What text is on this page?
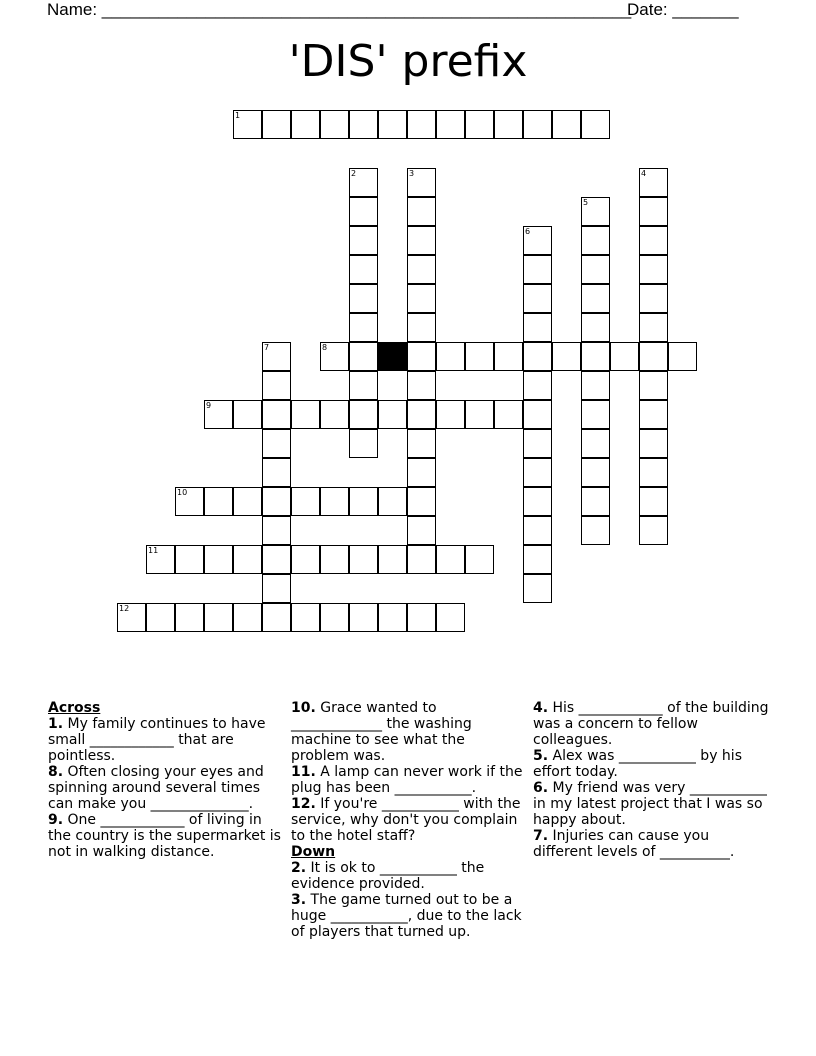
Name: ________________________________________________________
Date: _______
'DIS' prefix
1
2	3	4
5
6
7	8
9
10
11
12
Across
1. My family continues to have small ____________ that are pointless.
8. Often closing your eyes and spinning around several times can make you ______________.
9. One ____________ of living in the country is the supermarket is not in walking distance.
10. Grace wanted to _____________ the washing machine to see what the problem was.
11. A lamp can never work if the plug has been ___________.
12. If you're ___________ with the service, why don't you complain to the hotel staff?
Down
2. It is ok to ___________ the evidence provided.
3. The game turned out to be a huge ___________, due to the lack of players that turned up.
4. His ____________ of the building was a concern to fellow colleagues.
5. Alex was ___________ by his effort today.
6. My friend was very ___________ in my latest project that I was so happy about.
7. Injuries can cause you different levels of __________.
